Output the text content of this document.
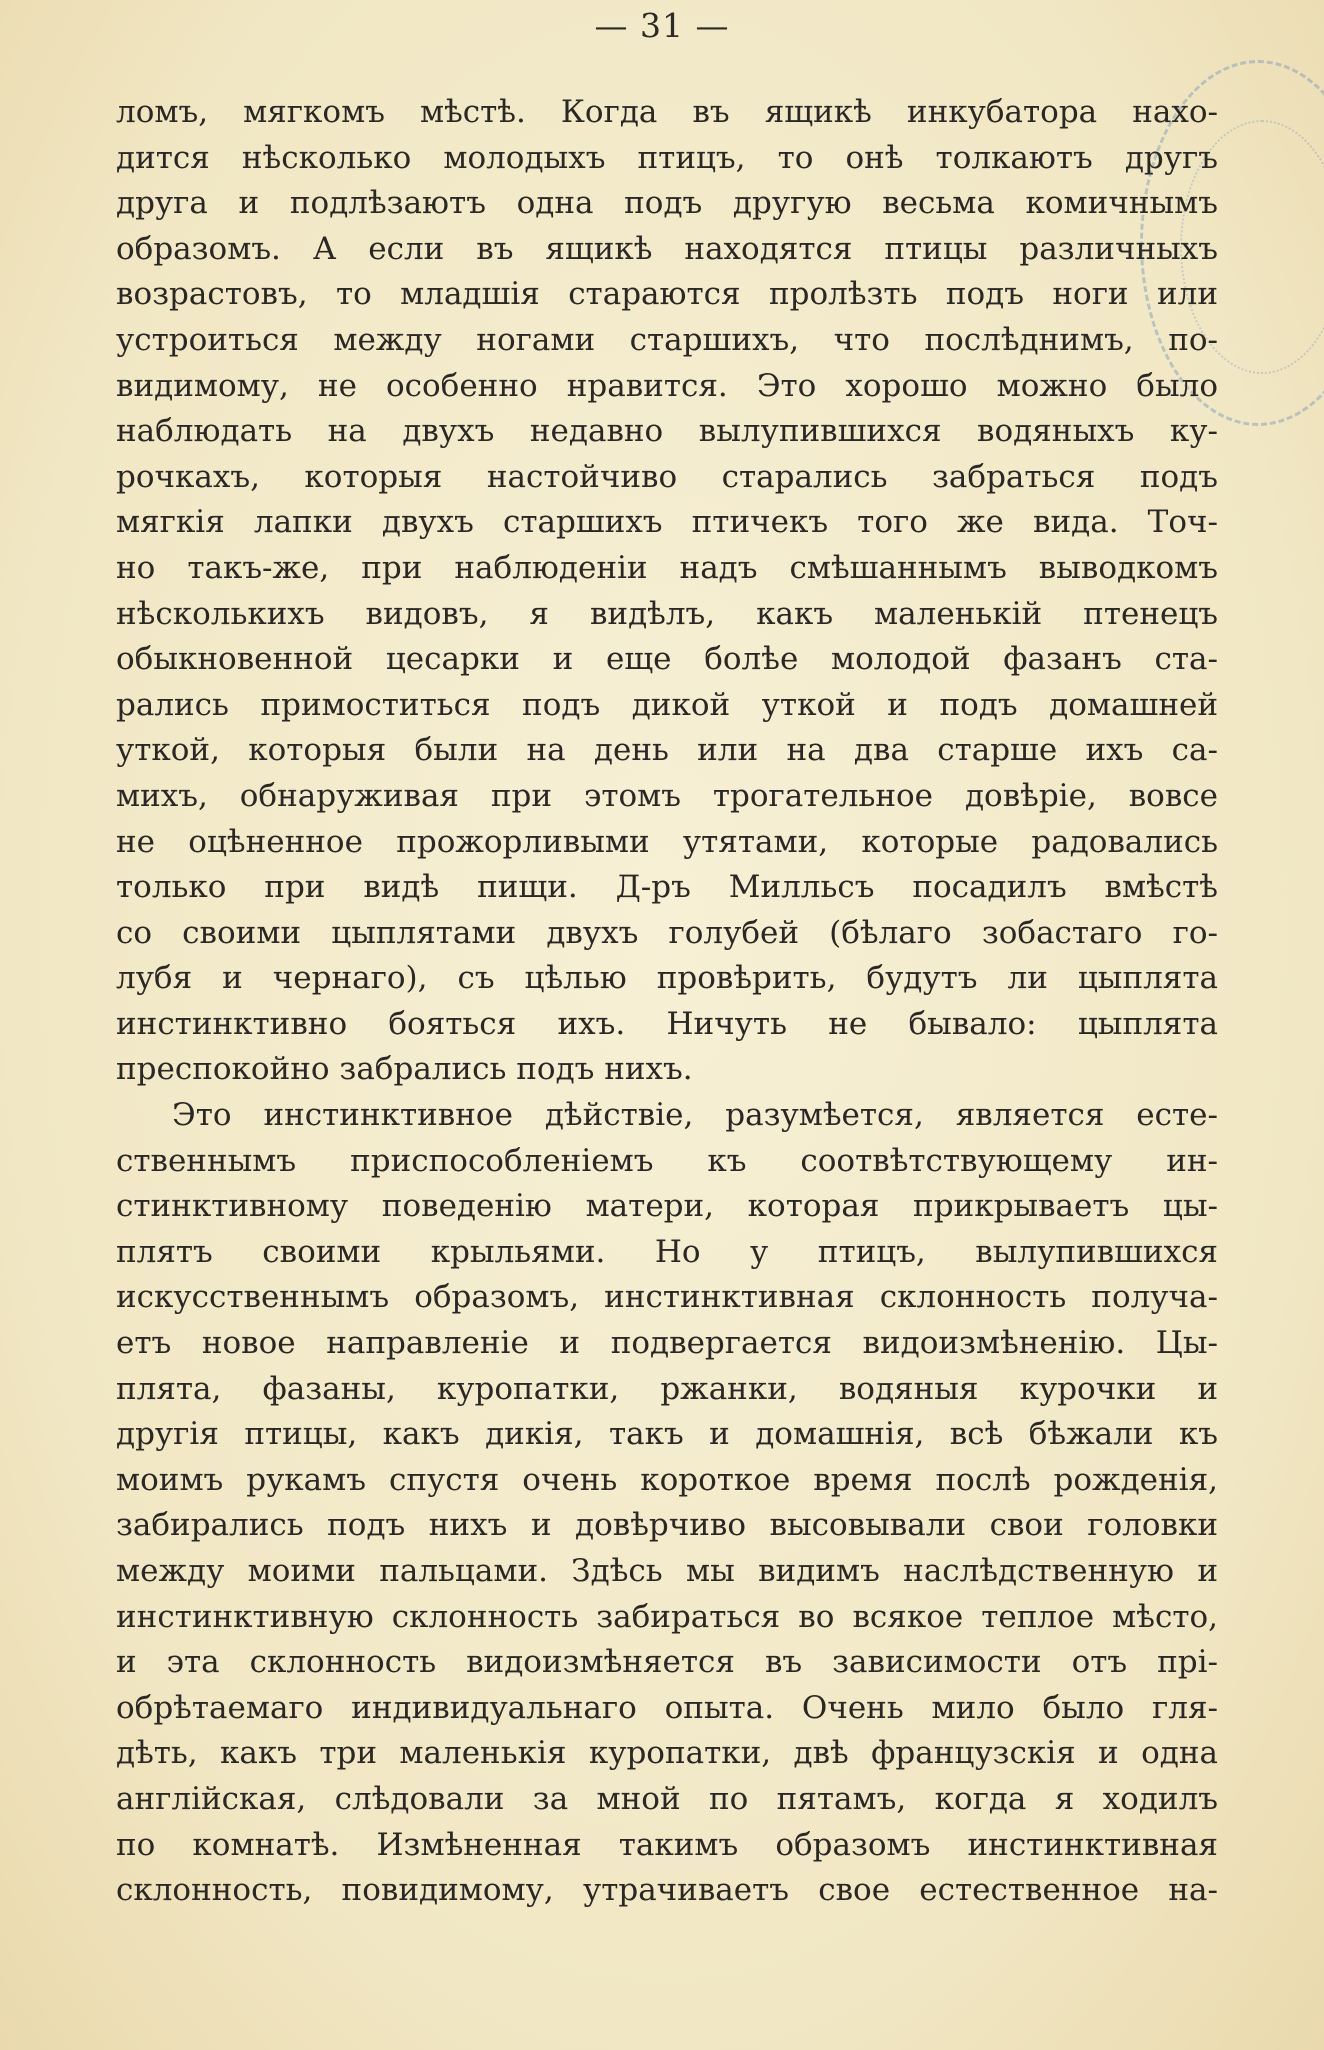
— 31 —
ломъ, мягкомъ мѣстѣ. Когда въ ящикѣ инкубатора нахо-
дится нѣсколько молодыхъ птицъ, то онѣ толкаютъ другъ
друга и подлѣзаютъ одна подъ другую весьма комичнымъ
образомъ. А если въ ящикѣ находятся птицы различныхъ
возрастовъ, то младшія стараются пролѣзть подъ ноги или
устроиться между ногами старшихъ, что послѣднимъ, по-
видимому, не особенно нравится. Это хорошо можно было
наблюдать на двухъ недавно вылупившихся водяныхъ ку-
рочкахъ, которыя настойчиво старались забраться подъ
мягкія лапки двухъ старшихъ птичекъ того же вида. Точ-
но такъ-же, при наблюденіи надъ смѣшаннымъ выводкомъ
нѣсколькихъ видовъ, я видѣлъ, какъ маленькій птенецъ
обыкновенной цесарки и еще болѣе молодой фазанъ ста-
рались примоститься подъ дикой уткой и подъ домашней
уткой, которыя были на день или на два старше ихъ са-
михъ, обнаруживая при этомъ трогательное довѣріе, вовсе
не оцѣненное прожорливыми утятами, которые радовались
только при видѣ пищи. Д-ръ Милльсъ посадилъ вмѣстѣ
со своими цыплятами двухъ голубей (бѣлаго зобастаго го-
лубя и чернаго), съ цѣлью провѣрить, будутъ ли цыплята
инстинктивно бояться ихъ. Ничуть не бывало: цыплята
преспокойно забрались подъ нихъ.
Это инстинктивное дѣйствіе, разумѣется, является есте-
ственнымъ приспособленіемъ къ соотвѣтствующему ин-
стинктивному поведенію матери, которая прикрываетъ цы-
плятъ своими крыльями. Но у птицъ, вылупившихся
искусственнымъ образомъ, инстинктивная склонность получа-
етъ новое направленіе и подвергается видоизмѣненію. Цы-
плята, фазаны, куропатки, ржанки, водяныя курочки и
другія птицы, какъ дикія, такъ и домашнія, всѣ бѣжали къ
моимъ рукамъ спустя очень короткое время послѣ рожденія,
забирались подъ нихъ и довѣрчиво высовывали свои головки
между моими пальцами. Здѣсь мы видимъ наслѣдственную и
инстинктивную склонность забираться во всякое теплое мѣсто,
и эта склонность видоизмѣняется въ зависимости отъ прі-
обрѣтаемаго индивидуальнаго опыта. Очень мило было гля-
дѣть, какъ три маленькія куропатки, двѣ французскія и одна
англійская, слѣдовали за мной по пятамъ, когда я ходилъ
по комнатѣ. Измѣненная такимъ образомъ инстинктивная
склонность, повидимому, утрачиваетъ свое естественное на-
